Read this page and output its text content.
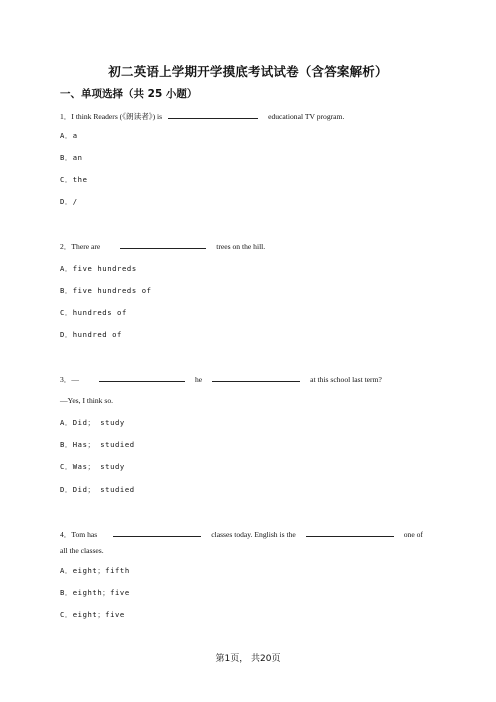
初二英语上学期开学摸底考试试卷（含答案解析）
一、单项选择（共 25 小题）
1．I think Readers (《朗读者》) is	educational TV program.
A．a
B．an
C．the
D．/
2．There are	trees on the hill.
A．five hundreds
B．five hundreds of
C．hundreds of
D．hundred of
3．—	he	at this school last term?
—Yes, I think so.
A．Did； study
B．Has； studied
C．Was； study
D．Did； studied
4．Tom has	classes today. English is the	one of
all the classes.
A．eight；fifth
B．eighth；five
C．eight；five
第1页， 共20页
